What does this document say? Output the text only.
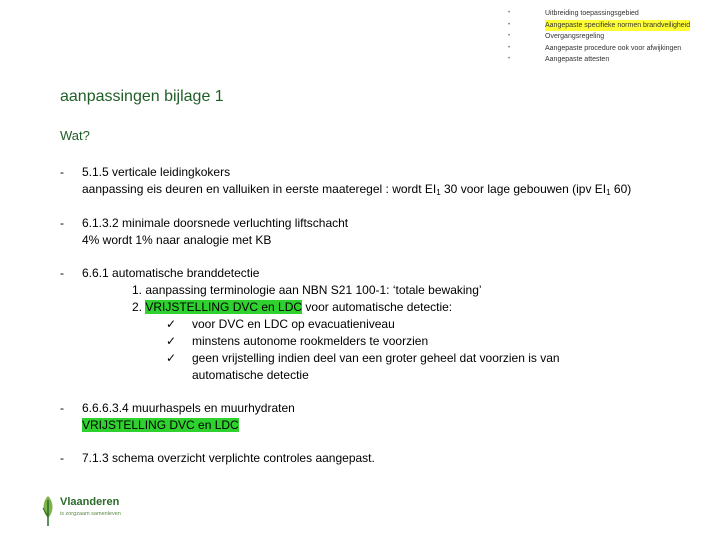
•	Uitbreiding toepassingsgebied
•	Aangepaste specifieke normen brandveiligheid
•	Overgangsregeling
•	Aangepaste procedure ook voor afwijkingen
•	Aangepaste attesten
aanpassingen bijlage 1
Wat?
- 5.1.5 verticale leidingkokers
aanpassing eis deuren en valluiken in eerste maateregel : wordt $EI_1$ 30 voor lage gebouwen (ipv $EI_1$ 60)
- 6.1.3.2 minimale doorsnede verluchting liftschacht
4% wordt 1% naar analogie met KB
- 6.6.1 automatische branddetectie
1. aanpassing terminologie aan NBN S21 100-1: ‘totale bewaking’
2. VRIJSTELLING DVC en LDC voor automatische detectie:
✓ voor DVC en LDC op evacuatieniveau
✓ minstens autonome rookmelders te voorzien
✓ geen vrijstelling indien deel van een groter geheel dat voorzien is van
automatische detectie
- 6.6.6.3.4 muurhaspels en muurhydraten
VRIJSTELLING DVC en LDC
- 7.1.3 schema overzicht verplichte controles aangepast.
Vlaanderen
is zorgzaam samenleven
